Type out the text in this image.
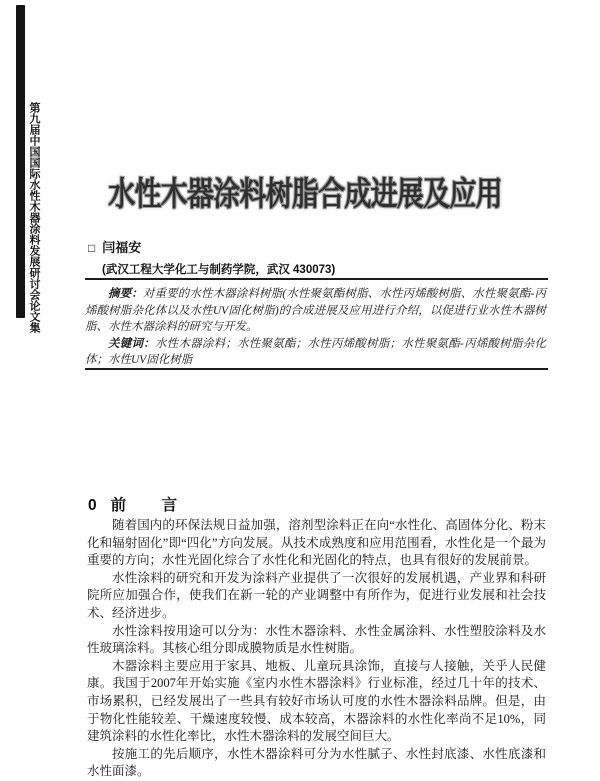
第九届中国国际水性木器涂料发展研讨会论文集 水性木器涂料树脂合成进展及应用
□ 闫福安
(武汉工程大学化工与制药学院，武汉 430073)

摘要：对重要的水性木器涂料树脂(水性聚氨酯树脂、水性丙烯酸树脂、水性聚氨酯-丙烯酸树脂杂化体以及水性UV固化树脂)的合成进展及应用进行介绍，以促进行业水性木器树脂、水性木器涂料的研究与开发。

关键词：水性木器涂料；水性聚氨酯；水性丙烯酸树脂；水性聚氨酯-丙烯酸树脂杂化体；水性UV固化树脂

0 前　言

随着国内的环保法规日益加强，溶剂型涂料正在向“水性化、高固体分化、粉末化和辐射固化”即“四化”方向发展。从技术成熟度和应用范围看，水性化是一个最为重要的方向；水性光固化综合了水性化和光固化的特点，也具有很好的发展前景。

水性涂料的研究和开发为涂料产业提供了一次很好的发展机遇，产业界和科研院所应加强合作，使我们在新一轮的产业调整中有所作为，促进行业发展和社会技术、经济进步。

水性涂料按用途可以分为：水性木器涂料、水性金属涂料、水性塑胶涂料及水性玻璃涂料。其核心组分即成膜物质是水性树脂。

木器涂料主要应用于家具、地板、儿童玩具涂饰，直接与人接触，关乎人民健康。我国于2007年开始实施《室内水性木器涂料》行业标准，经过几十年的技术、市场累积，已经发展出了一些具有较好市场认可度的水性木器涂料品牌。但是，由于物化性能较差、干燥速度较慢、成本较高，木器涂料的水性化率尚不足10%，同建筑涂料的水性化率比，水性木器涂料的发展空间巨大。

按施工的先后顺序，水性木器涂料可分为水性腻子、水性封底漆、水性底漆和水性面漆。
